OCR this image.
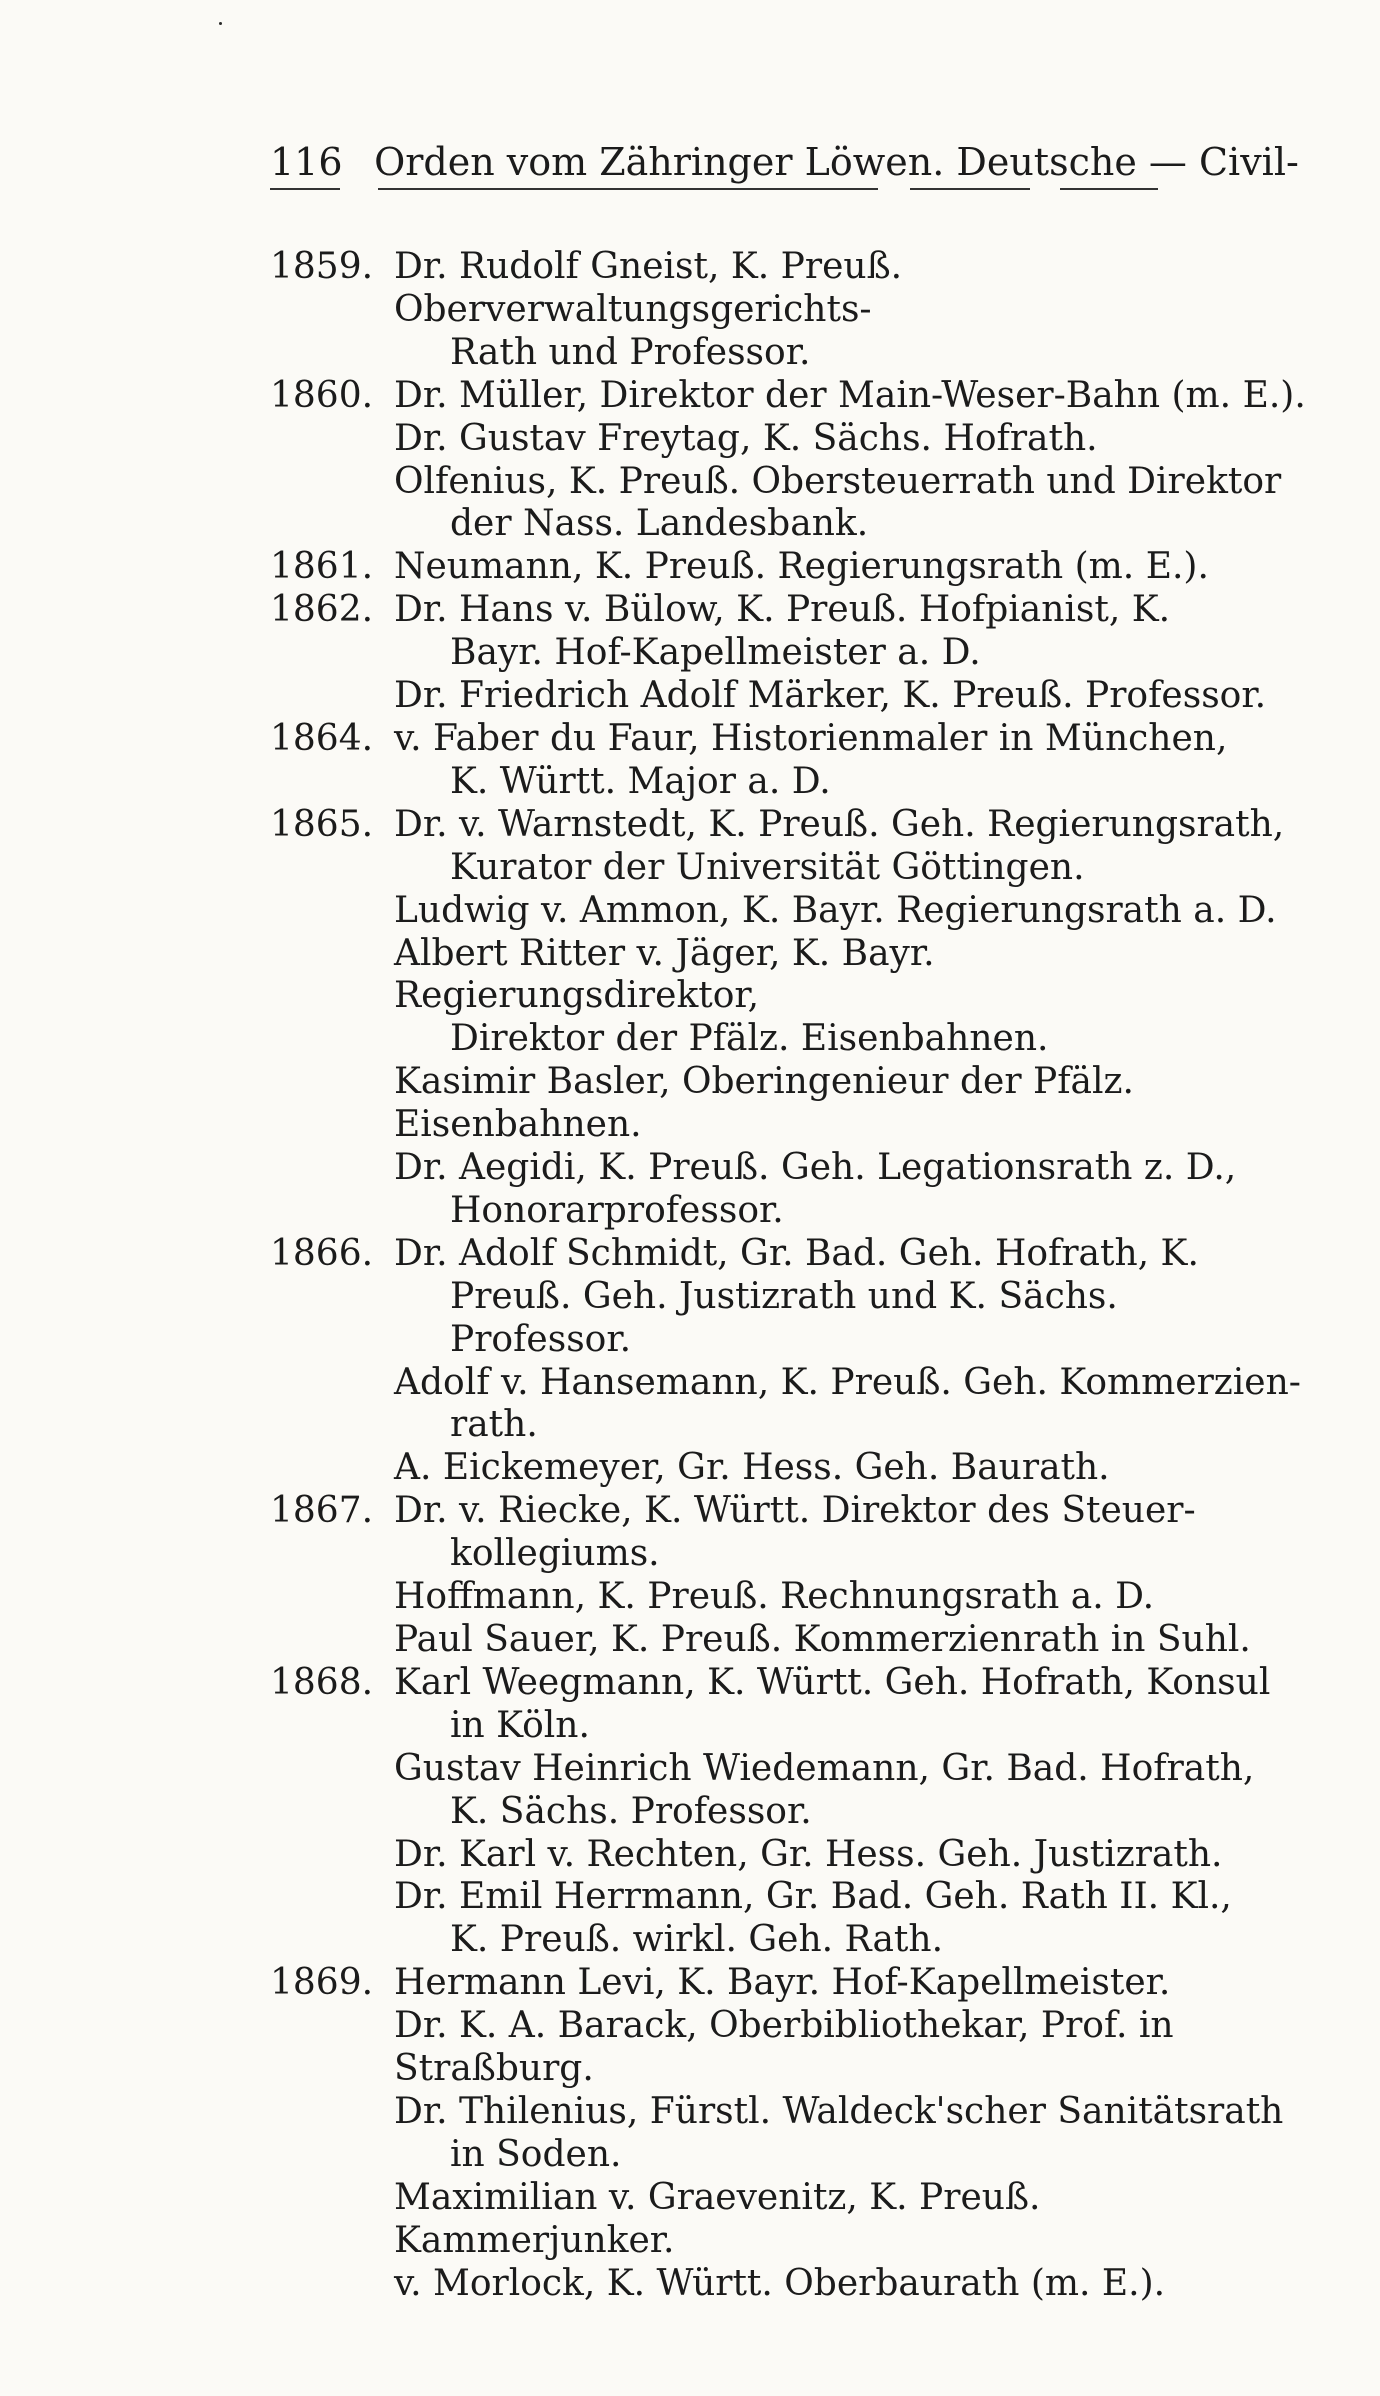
116 Orden vom Zähringer Löwen. Deutsche — Civil-
1859. Dr. Rudolf Gneist, K. Preuß. Oberverwaltungsgerichts-
Rath und Professor.
1860. Dr. Müller, Direktor der Main-Weser-Bahn (m. E.).
Dr. Gustav Freytag, K. Sächs. Hofrath.
Olfenius, K. Preuß. Obersteuerrath und Direktor
der Nass. Landesbank.
1861. Neumann, K. Preuß. Regierungsrath (m. E.).
1862. Dr. Hans v. Bülow, K. Preuß. Hofpianist, K.
Bayr. Hof-Kapellmeister a. D.
Dr. Friedrich Adolf Märker, K. Preuß. Professor.
1864. v. Faber du Faur, Historienmaler in München,
K. Württ. Major a. D.
1865. Dr. v. Warnstedt, K. Preuß. Geh. Regierungsrath,
Kurator der Universität Göttingen.
Ludwig v. Ammon, K. Bayr. Regierungsrath a. D.
Albert Ritter v. Jäger, K. Bayr. Regierungsdirektor,
Direktor der Pfälz. Eisenbahnen.
Kasimir Basler, Oberingenieur der Pfälz. Eisenbahnen.
Dr. Aegidi, K. Preuß. Geh. Legationsrath z. D.,
Honorarprofessor.
1866. Dr. Adolf Schmidt, Gr. Bad. Geh. Hofrath, K.
Preuß. Geh. Justizrath und K. Sächs. Professor.
Adolf v. Hansemann, K. Preuß. Geh. Kommerzien-
rath.
A. Eickemeyer, Gr. Hess. Geh. Baurath.
1867. Dr. v. Riecke, K. Württ. Direktor des Steuer-
kollegiums.
Hoffmann, K. Preuß. Rechnungsrath a. D.
Paul Sauer, K. Preuß. Kommerzienrath in Suhl.
1868. Karl Weegmann, K. Württ. Geh. Hofrath, Konsul
in Köln.
Gustav Heinrich Wiedemann, Gr. Bad. Hofrath,
K. Sächs. Professor.
Dr. Karl v. Rechten, Gr. Hess. Geh. Justizrath.
Dr. Emil Herrmann, Gr. Bad. Geh. Rath II. Kl.,
K. Preuß. wirkl. Geh. Rath.
1869. Hermann Levi, K. Bayr. Hof-Kapellmeister.
Dr. K. A. Barack, Oberbibliothekar, Prof. in Straßburg.
Dr. Thilenius, Fürstl. Waldeck'scher Sanitätsrath
in Soden.
Maximilian v. Graevenitz, K. Preuß. Kammerjunker.
v. Morlock, K. Württ. Oberbaurath (m. E.).
